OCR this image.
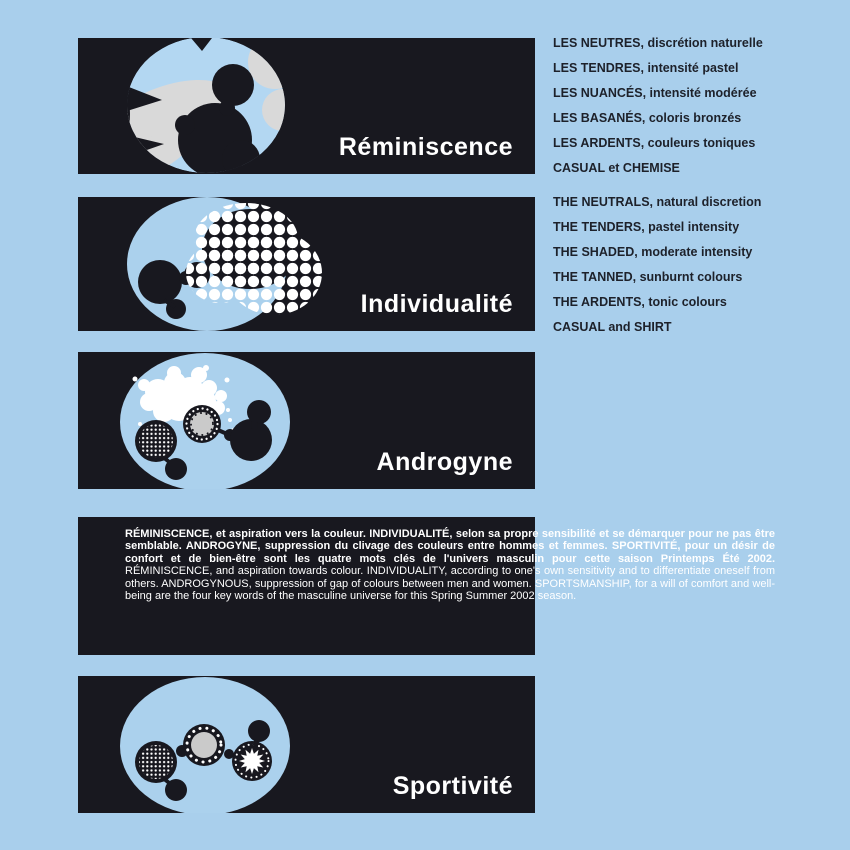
Réminiscence
Individualité
Androgyne

RÉMINISCENCE, et aspiration vers la couleur. INDIVIDUALITÉ, selon sa propre sensibilité et se démarquer pour ne pas être semblable. ANDROGYNE, suppression du clivage des couleurs entre hommes et femmes. SPORTIVITÉ, pour un désir de confort et de bien-être sont les quatre mots clés de l'univers masculin pour cette saison Printemps Été 2002. RÉMINISCENCE, and aspiration towards colour. INDIVIDUALITY, according to one's own sensitivity and to differentiate oneself from others. ANDROGYNOUS, suppression of gap of colours between men and women. SPORTSMANSHIP, for a will of comfort and well-being are the four key words of the masculine universe for this Spring Summer 2002 season.

Sportivité
LES NEUTRES, discrétion naturelle
LES TENDRES, intensité pastel
LES NUANCÉS, intensité modérée
LES BASANÉS, coloris bronzés
LES ARDENTS, couleurs toniques
CASUAL et CHEMISE
THE NEUTRALS, natural discretion
THE TENDERS, pastel intensity
THE SHADED, moderate intensity
THE TANNED, sunburnt colours
THE ARDENTS, tonic colours
CASUAL and SHIRT
